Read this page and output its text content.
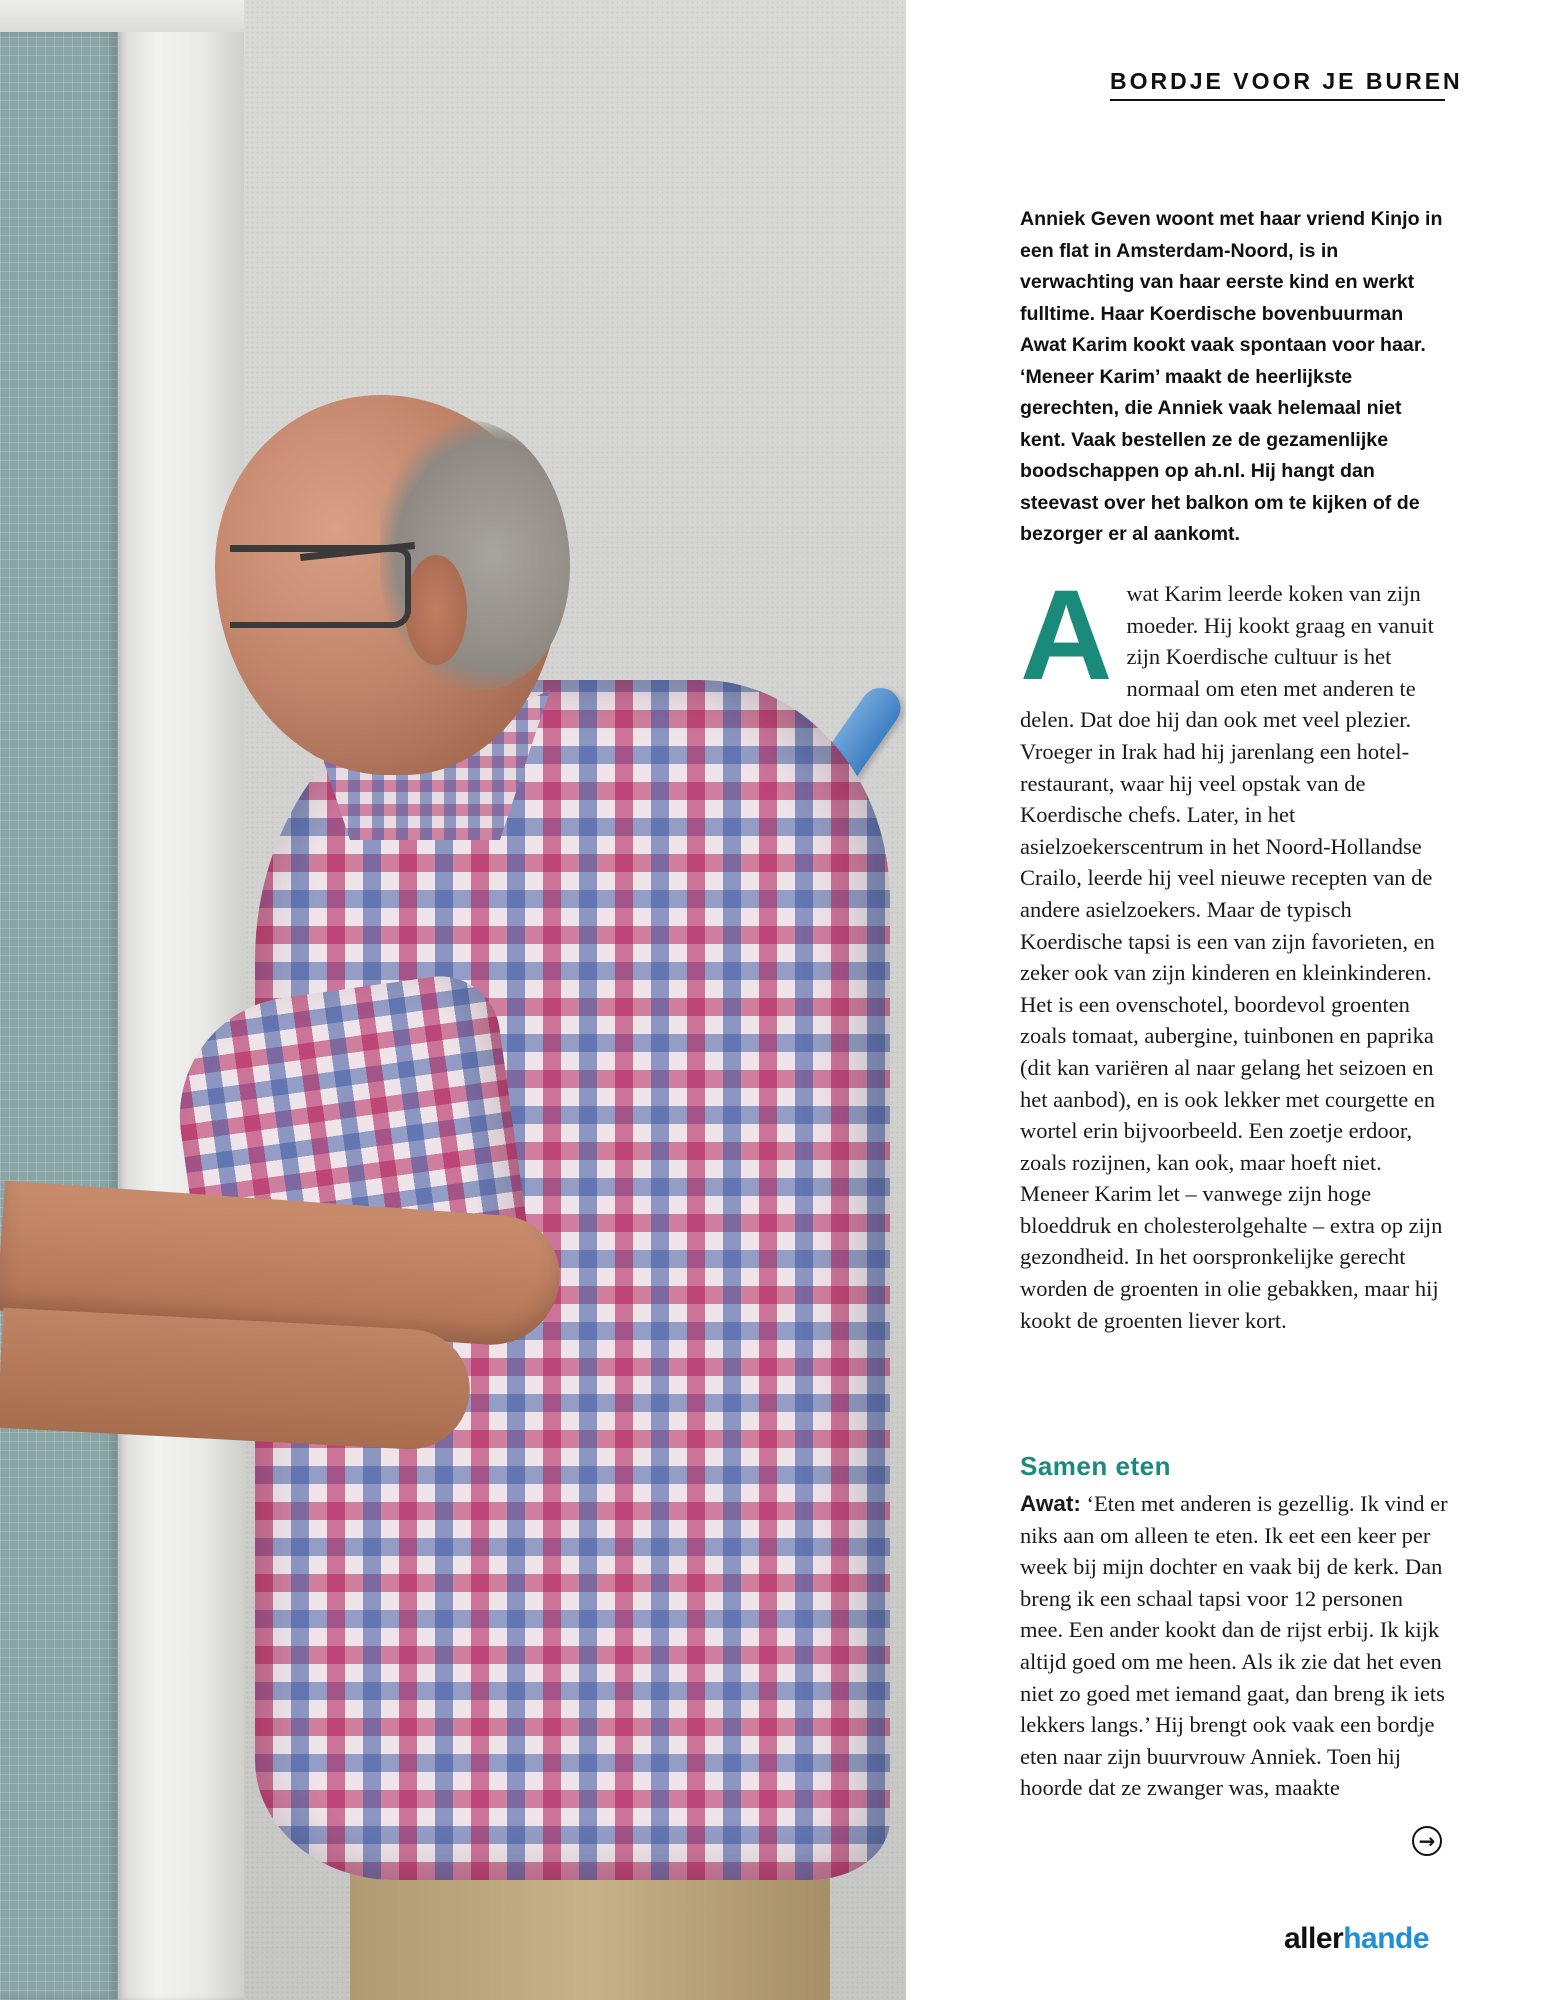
BORDJE VOOR JE BUREN

Anniek Geven woont met haar vriend Kinjo in een flat in Amsterdam-Noord, is in verwachting van haar eerste kind en werkt fulltime. Haar Koerdische bovenbuurman Awat Karim kookt vaak spontaan voor haar. ‘Meneer Karim’ maakt de heerlijkste gerechten, die Anniek vaak helemaal niet kent. Vaak bestellen ze de gezamenlijke boodschappen op ah.nl. Hij hangt dan steevast over het balkon om te kijken of de bezorger er al aankomt.

A wat Karim leerde koken van zijn moeder. Hij kookt graag en vanuit zijn Koerdische cultuur is het normaal om eten met anderen te delen. Dat doe hij dan ook met veel plezier.

Vroeger in Irak had hij jarenlang een hotel-restaurant, waar hij veel opstak van de Koerdische chefs. Later, in het asielzoekerscentrum in het Noord-Hollandse Crailo, leerde hij veel nieuwe recepten van de andere asielzoekers. Maar de typisch Koerdische tapsi is een van zijn favorieten, en zeker ook van zijn kinderen en kleinkinderen. Het is een ovenschotel, boordevol groenten zoals tomaat, aubergine, tuinbonen en paprika (dit kan variëren al naar gelang het seizoen en het aanbod), en is ook lekker met courgette en wortel erin bijvoorbeeld. Een zoetje erdoor, zoals rozijnen, kan ook, maar hoeft niet. Meneer Karim let – vanwege zijn hoge bloeddruk en cholesterolgehalte – extra op zijn gezondheid. In het oorspronkelijke gerecht worden de groenten in olie gebakken, maar hij kookt de groenten liever kort.

Samen eten

Awat: ‘Eten met anderen is gezellig. Ik vind er niks aan om alleen te eten. Ik eet een keer per week bij mijn dochter en vaak bij de kerk. Dan breng ik een schaal tapsi voor 12 personen mee. Een ander kookt dan de rijst erbij. Ik kijk altijd goed om me heen. Als ik zie dat het even niet zo goed met iemand gaat, dan breng ik iets lekkers langs.’ Hij brengt ook vaak een bordje eten naar zijn buurvrouw Anniek. Toen hij hoorde dat ze zwanger was, maakte

→
allerhande
